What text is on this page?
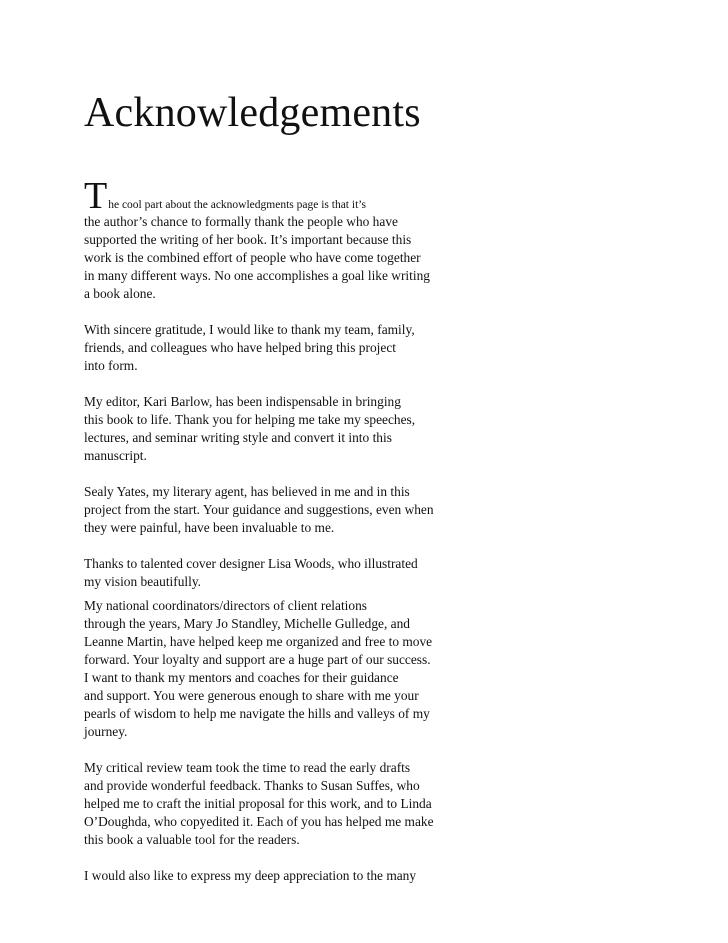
Acknowledgements
The cool part about the acknowledgments page is that it’s
the author’s chance to formally thank the people who have
supported the writing of her book. It’s important because this
work is the combined effort of people who have come together
in many different ways. No one accomplishes a goal like writing
a book alone.
With sincere gratitude, I would like to thank my team, family,
friends, and colleagues who have helped bring this project
into form.
My editor, Kari Barlow, has been indispensable in bringing
this book to life. Thank you for helping me take my speeches,
lectures, and seminar writing style and convert it into this
manuscript.
Sealy Yates, my literary agent, has believed in me and in this
project from the start. Your guidance and suggestions, even when
they were painful, have been invaluable to me.
Thanks to talented cover designer Lisa Woods, who illustrated
my vision beautifully.
My national coordinators/directors of client relations
through the years, Mary Jo Standley, Michelle Gulledge, and
Leanne Martin, have helped keep me organized and free to move
forward. Your loyalty and support are a huge part of our success.
I want to thank my mentors and coaches for their guidance
and support. You were generous enough to share with me your
pearls of wisdom to help me navigate the hills and valleys of my
journey.
My critical review team took the time to read the early drafts
and provide wonderful feedback. Thanks to Susan Suffes, who
helped me to craft the initial proposal for this work, and to Linda
O’Doughda, who copyedited it. Each of you has helped me make
this book a valuable tool for the readers.
I would also like to express my deep appreciation to the many
